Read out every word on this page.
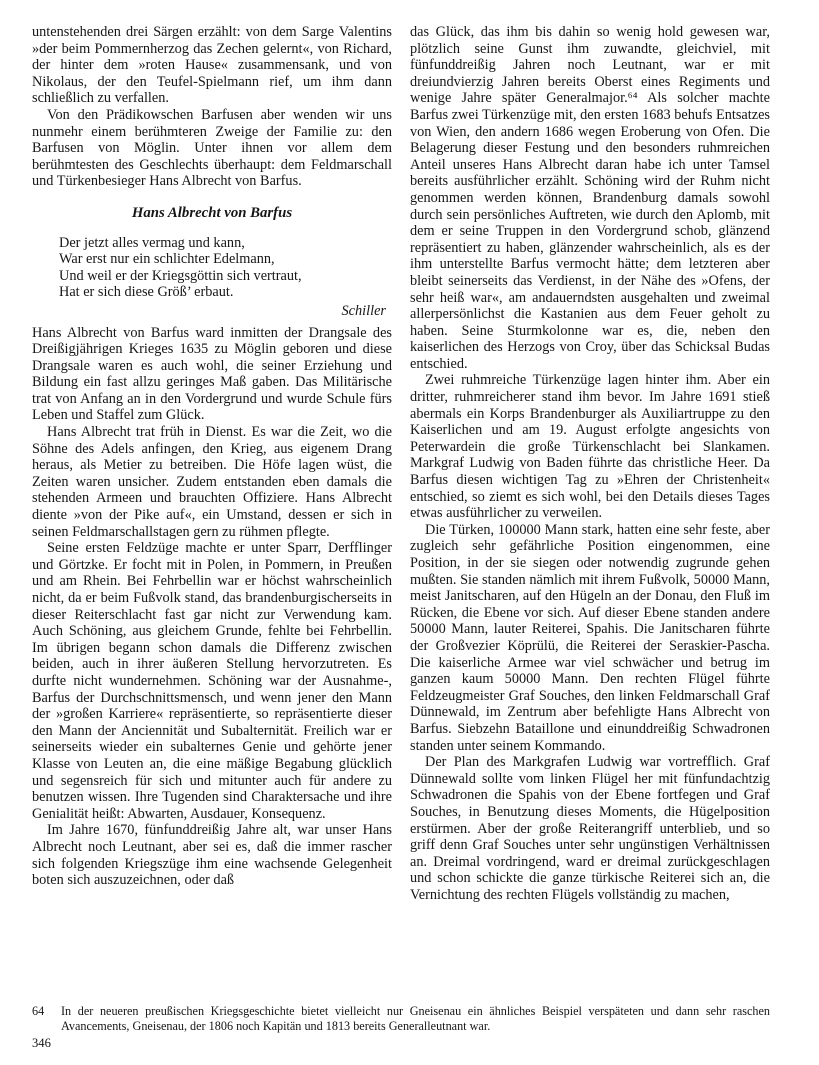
untenstehenden drei Särgen erzählt: von dem Sarge Valentins »der beim Pommernherzog das Zechen gelernt«, von Richard, der hinter dem »roten Hause« zusammensank, und von Nikolaus, der den Teufel-Spielmann rief, um ihm dann schließlich zu verfallen.

Von den Prädikowschen Barfusen aber wenden wir uns nunmehr einem berühmteren Zweige der Familie zu: den Barfusen von Möglin. Unter ihnen vor allem dem berühmtesten des Geschlechts überhaupt: dem Feldmarschall und Türkenbesieger Hans Albrecht von Barfus.

Hans Albrecht von Barfus
Der jetzt alles vermag und kann,
War erst nur ein schlichter Edelmann,
Und weil er der Kriegsgöttin sich vertraut,
Hat er sich diese Größ’ erbaut.
Schiller

Hans Albrecht von Barfus ward inmitten der Drangsale des Dreißigjährigen Krieges 1635 zu Möglin geboren und diese Drangsale waren es auch wohl, die seiner Erziehung und Bildung ein fast allzu geringes Maß gaben. Das Militärische trat von Anfang an in den Vordergrund und wurde Schule fürs Leben und Staffel zum Glück.

Hans Albrecht trat früh in Dienst. Es war die Zeit, wo die Söhne des Adels anfingen, den Krieg, aus eigenem Drang heraus, als Metier zu betreiben. Die Höfe lagen wüst, die Zeiten waren unsicher. Zudem entstanden eben damals die stehenden Armeen und brauchten Offiziere. Hans Albrecht diente »von der Pike auf«, ein Umstand, dessen er sich in seinen Feldmarschallstagen gern zu rühmen pflegte.

Seine ersten Feldzüge machte er unter Sparr, Derfflinger und Görtzke. Er focht mit in Polen, in Pommern, in Preußen und am Rhein. Bei Fehrbellin war er höchst wahrscheinlich nicht, da er beim Fußvolk stand, das brandenburgischerseits in dieser Reiterschlacht fast gar nicht zur Verwendung kam. Auch Schöning, aus gleichem Grunde, fehlte bei Fehrbellin. Im übrigen begann schon damals die Differenz zwischen beiden, auch in ihrer äußeren Stellung hervorzutreten. Es durfte nicht wundernehmen. Schöning war der Ausnahme-, Barfus der Durchschnittsmensch, und wenn jener den Mann der »großen Karriere« repräsentierte, so repräsentierte dieser den Mann der Anciennität und Subalternität. Freilich war er seinerseits wieder ein subalternes Genie und gehörte jener Klasse von Leuten an, die eine mäßige Begabung glücklich und segensreich für sich und mitunter auch für andere zu benutzen wissen. Ihre Tugenden sind Charaktersache und ihre Genialität heißt: Abwarten, Ausdauer, Konsequenz.

Im Jahre 1670, fünfunddreißig Jahre alt, war unser Hans Albrecht noch Leutnant, aber sei es, daß die immer rascher sich folgenden Kriegszüge ihm eine wachsende Gelegenheit boten sich auszuzeichnen, oder daß

das Glück, das ihm bis dahin so wenig hold gewesen war, plötzlich seine Gunst ihm zuwandte, gleichviel, mit fünfunddreißig Jahren noch Leutnant, war er mit dreiundvierzig Jahren bereits Oberst eines Regiments und wenige Jahre später Generalmajor.⁶⁴ Als solcher machte Barfus zwei Türkenzüge mit, den ersten 1683 behufs Entsatzes von Wien, den andern 1686 wegen Eroberung von Ofen. Die Belagerung dieser Festung und den besonders ruhmreichen Anteil unseres Hans Albrecht daran habe ich unter Tamsel bereits ausführlicher erzählt. Schöning wird der Ruhm nicht genommen werden können, Brandenburg damals sowohl durch sein persönliches Auftreten, wie durch den Aplomb, mit dem er seine Truppen in den Vordergrund schob, glänzend repräsentiert zu haben, glänzender wahrscheinlich, als es der ihm unterstellte Barfus vermocht hätte; dem letzteren aber bleibt seinerseits das Verdienst, in der Nähe des »Ofens, der sehr heiß war«, am andauerndsten ausgehalten und zweimal allerpersönlichst die Kastanien aus dem Feuer geholt zu haben. Seine Sturmkolonne war es, die, neben den kaiserlichen des Herzogs von Croy, über das Schicksal Budas entschied.

Zwei ruhmreiche Türkenzüge lagen hinter ihm. Aber ein dritter, ruhmreicherer stand ihm bevor. Im Jahre 1691 stieß abermals ein Korps Brandenburger als Auxiliartruppe zu den Kaiserlichen und am 19. August erfolgte angesichts von Peterwardein die große Türkenschlacht bei Slankamen. Markgraf Ludwig von Baden führte das christliche Heer. Da Barfus diesen wichtigen Tag zu »Ehren der Christenheit« entschied, so ziemt es sich wohl, bei den Details dieses Tages etwas ausführlicher zu verweilen.

Die Türken, 100000 Mann stark, hatten eine sehr feste, aber zugleich sehr gefährliche Position eingenommen, eine Position, in der sie siegen oder notwendig zugrunde gehen mußten. Sie standen nämlich mit ihrem Fußvolk, 50000 Mann, meist Janitscharen, auf den Hügeln an der Donau, den Fluß im Rücken, die Ebene vor sich. Auf dieser Ebene standen andere 50000 Mann, lauter Reiterei, Spahis. Die Janitscharen führte der Großvezier Köprülü, die Reiterei der Seraskier-Pascha. Die kaiserliche Armee war viel schwächer und betrug im ganzen kaum 50000 Mann. Den rechten Flügel führte Feldzeugmeister Graf Souches, den linken Feldmarschall Graf Dünnewald, im Zentrum aber befehligte Hans Albrecht von Barfus. Siebzehn Bataillone und einunddreißig Schwadronen standen unter seinem Kommando.

Der Plan des Markgrafen Ludwig war vortrefflich. Graf Dünnewald sollte vom linken Flügel her mit fünfundachtzig Schwadronen die Spahis von der Ebene fortfegen und Graf Souches, in Benutzung dieses Moments, die Hügelposition erstürmen. Aber der große Reiterangriff unterblieb, und so griff denn Graf Souches unter sehr ungünstigen Verhältnissen an. Dreimal vordringend, ward er dreimal zurückgeschlagen und schon schickte die ganze türkische Reiterei sich an, die Vernichtung des rechten Flügels vollständig zu machen,

64	In der neueren preußischen Kriegsgeschichte bietet vielleicht nur Gneisenau ein ähnliches Beispiel verspäteten und dann sehr raschen Avancements, Gneisenau, der 1806 noch Kapitän und 1813 bereits Generalleutnant war.
346
